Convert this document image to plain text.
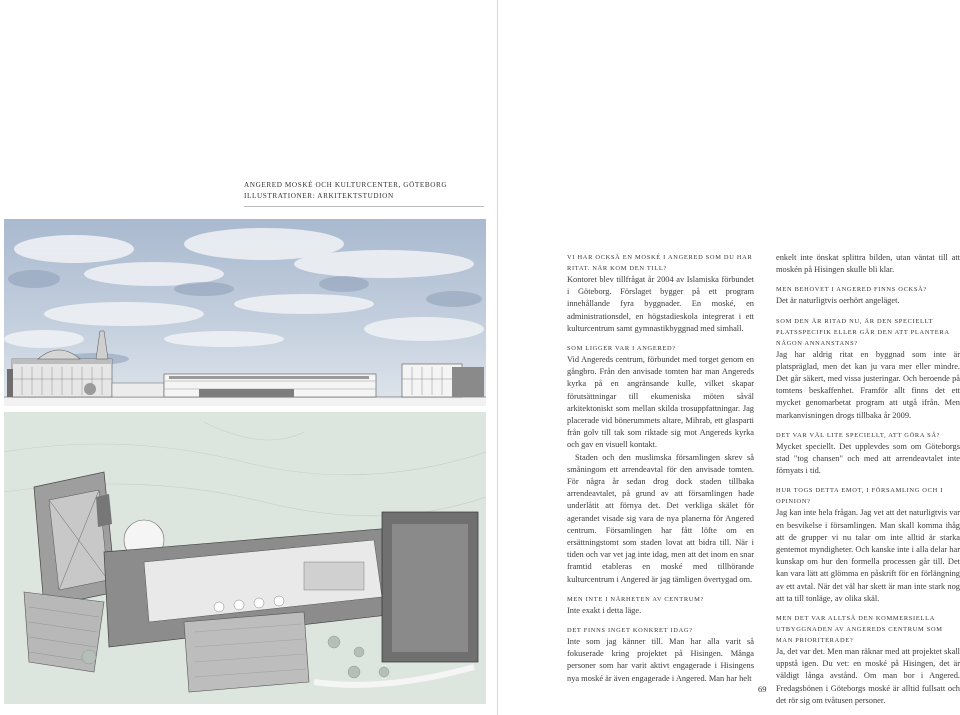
ANGERED MOSKÉ OCH KULTURCENTER, GÖTEBORG
ILLUSTRATIONER: ARKITEKTSTUDION
VI HAR OCKSÅ EN MOSKÉ I ANGERED SOM DU HAR RITAT. NÄR KOM DEN TILL?

Kontoret blev tillfrågat år 2004 av Islamiska förbundet i Göteborg. Förslaget bygger på ett program innehållande fyra byggnader. En moské, en administrationsdel, en högstadieskola integrerat i ett kulturcentrum samt gymnastikbyggnad med simhall.

SOM LIGGER VAR I ANGERED?

Vid Angereds centrum, förbundet med torget genom en gångbro. Från den anvisade tomten har man Angereds kyrka på en angränsande kulle, vilket skapar förutsättningar till ekumeniska möten såväl arkitektoniskt som mellan skilda trosuppfattningar. Jag placerade vid bönerummets altare, Mihrab, ett glasparti från golv till tak som riktade sig mot Angereds kyrka och gav en visuell kontakt.

Staden och den muslimska församlingen skrev så småningom ett arrendeavtal för den anvisade tomten. För några år sedan drog dock staden tillbaka arrendeavtalet, på grund av att församlingen hade underlåtit att förnya det. Det verkliga skälet för agerandet visade sig vara de nya planerna för Angered centrum. Församlingen har fått löfte om en ersättningstomt som staden lovat att bidra till. När i tiden och var vet jag inte idag, men att det inom en snar framtid etableras en moské med tillhörande kulturcentrum i Angered är jag tämligen övertygad om.

MEN INTE I NÄRHETEN AV CENTRUM?

Inte exakt i detta läge.

DET FINNS INGET KONKRET IDAG?

Inte som jag känner till. Man har alla varit så fokuserade kring projektet på Hisingen. Många personer som har varit aktivt engagerade i Hisingens nya moské är även engagerade i Angered. Man har helt

enkelt inte önskat splittra bilden, utan väntat till att moskén på Hisingen skulle bli klar.

MEN BEHOVET I ANGERED FINNS OCKSÅ?

Det är naturligtvis oerhört angeläget.

SOM DEN ÄR RITAD NU, ÄR DEN SPECIELLT PLATSSPECIFIK ELLER GÅR DEN ATT PLANTERA NÅGON ANNANSTANS?

Jag har aldrig ritat en byggnad som inte är platspräglad, men det kan ju vara mer eller mindre. Det går säkert, med vissa justeringar. Och beroende på tomtens beskaffenhet. Framför allt finns det ett mycket genomarbetat program att utgå ifrån. Men markanvisningen drogs tillbaka år 2009.

DET VAR VÄL LITE SPECIELLT, ATT GÖRA SÅ?

Mycket speciellt. Det upplevdes som om Göteborgs stad "tog chansen" och med att arrendeavtalet inte förnyats i tid.

HUR TOGS DETTA EMOT, I FÖRSAMLING OCH I OPINION?

Jag kan inte hela frågan. Jag vet att det naturligtvis var en besvikelse i församlingen. Man skall komma ihåg att de grupper vi nu talar om inte alltid är starka gentemot myndigheter. Och kanske inte i alla delar har kunskap om hur den formella processen går till. Det kan vara lätt att glömma en påskrift för en förlängning av ett avtal. När det väl har skett är man inte stark nog att ta till tonläge, av olika skäl.

MEN DET VAR ALLTSÅ DEN KOMMERSIELLA UTBYGGNADEN AV ANGEREDS CENTRUM SOM MAN PRIORITERADE?

Ja, det var det. Men man räknar med att projektet skall uppstå igen. Du vet: en moské på Hisingen, det är väldigt långa avstånd. Om man bor i Angered. Fredagsbönen i Göteborgs moské är alltid fullsatt och det rör sig om tvåtusen personer.

69
